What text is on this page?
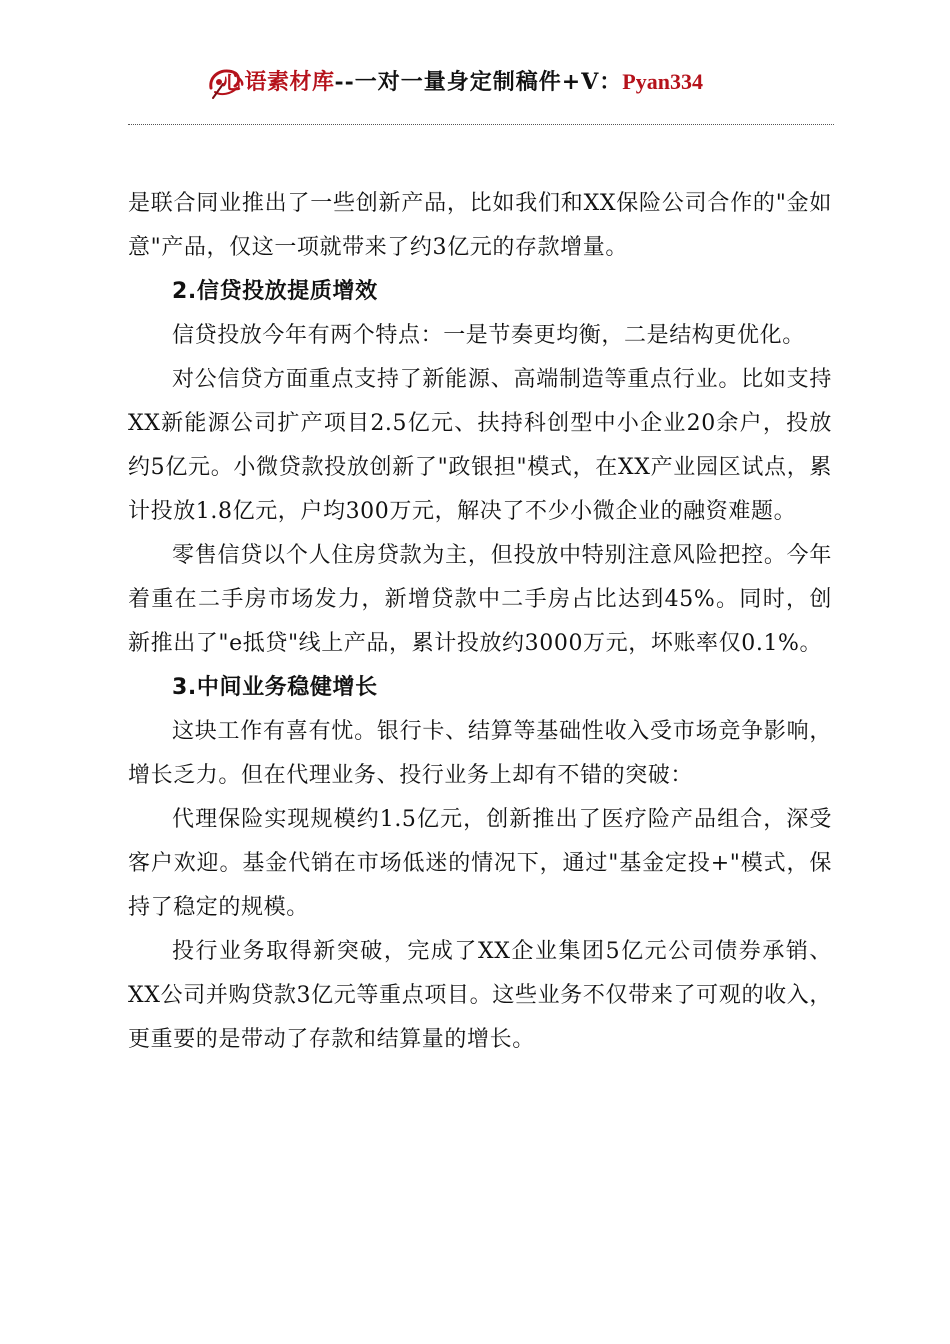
心语素材库--一对一量身定制稿件+V：Pyan334

是联合同业推出了一些创新产品，比如我们和XX保险公司合作的"金如意"产品，仅这一项就带来了约3亿元的存款增量。

2.信贷投放提质增效

信贷投放今年有两个特点：一是节奏更均衡，二是结构更优化。

对公信贷方面重点支持了新能源、高端制造等重点行业。比如支持XX新能源公司扩产项目2.5亿元、扶持科创型中小企业20余户，投放约5亿元。小微贷款投放创新了"政银担"模式，在XX产业园区试点，累计投放1.8亿元，户均300万元，解决了不少小微企业的融资难题。

零售信贷以个人住房贷款为主，但投放中特别注意风险把控。今年着重在二手房市场发力，新增贷款中二手房占比达到45%。同时，创新推出了"e抵贷"线上产品，累计投放约3000万元，坏账率仅0.1%。

3.中间业务稳健增长

这块工作有喜有忧。银行卡、结算等基础性收入受市场竞争影响，增长乏力。但在代理业务、投行业务上却有不错的突破：

代理保险实现规模约1.5亿元，创新推出了医疗险产品组合，深受客户欢迎。基金代销在市场低迷的情况下，通过"基金定投+"模式，保持了稳定的规模。

投行业务取得新突破，完成了XX企业集团5亿元公司债券承销、XX公司并购贷款3亿元等重点项目。这些业务不仅带来了可观的收入，更重要的是带动了存款和结算量的增长。
